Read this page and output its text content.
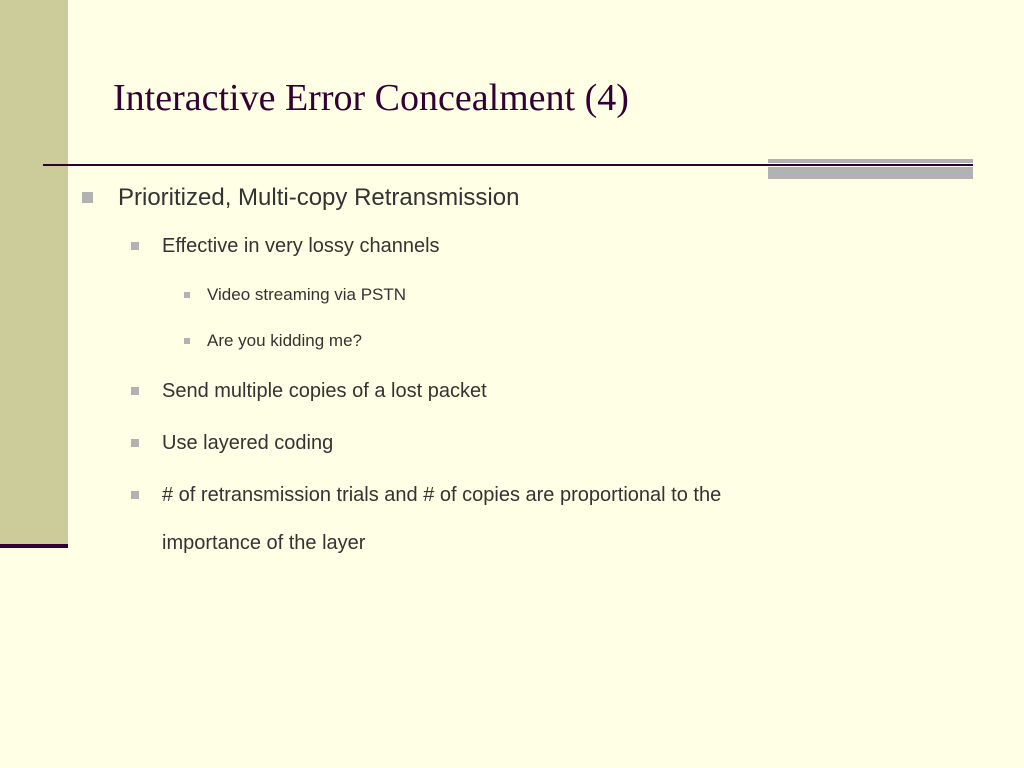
Interactive Error Concealment (4)
Prioritized, Multi-copy Retransmission
Effective in very lossy channels
Video streaming via PSTN
Are you kidding me?
Send multiple copies of a lost packet
Use layered coding
# of retransmission trials and # of copies are proportional to the
importance of the layer
